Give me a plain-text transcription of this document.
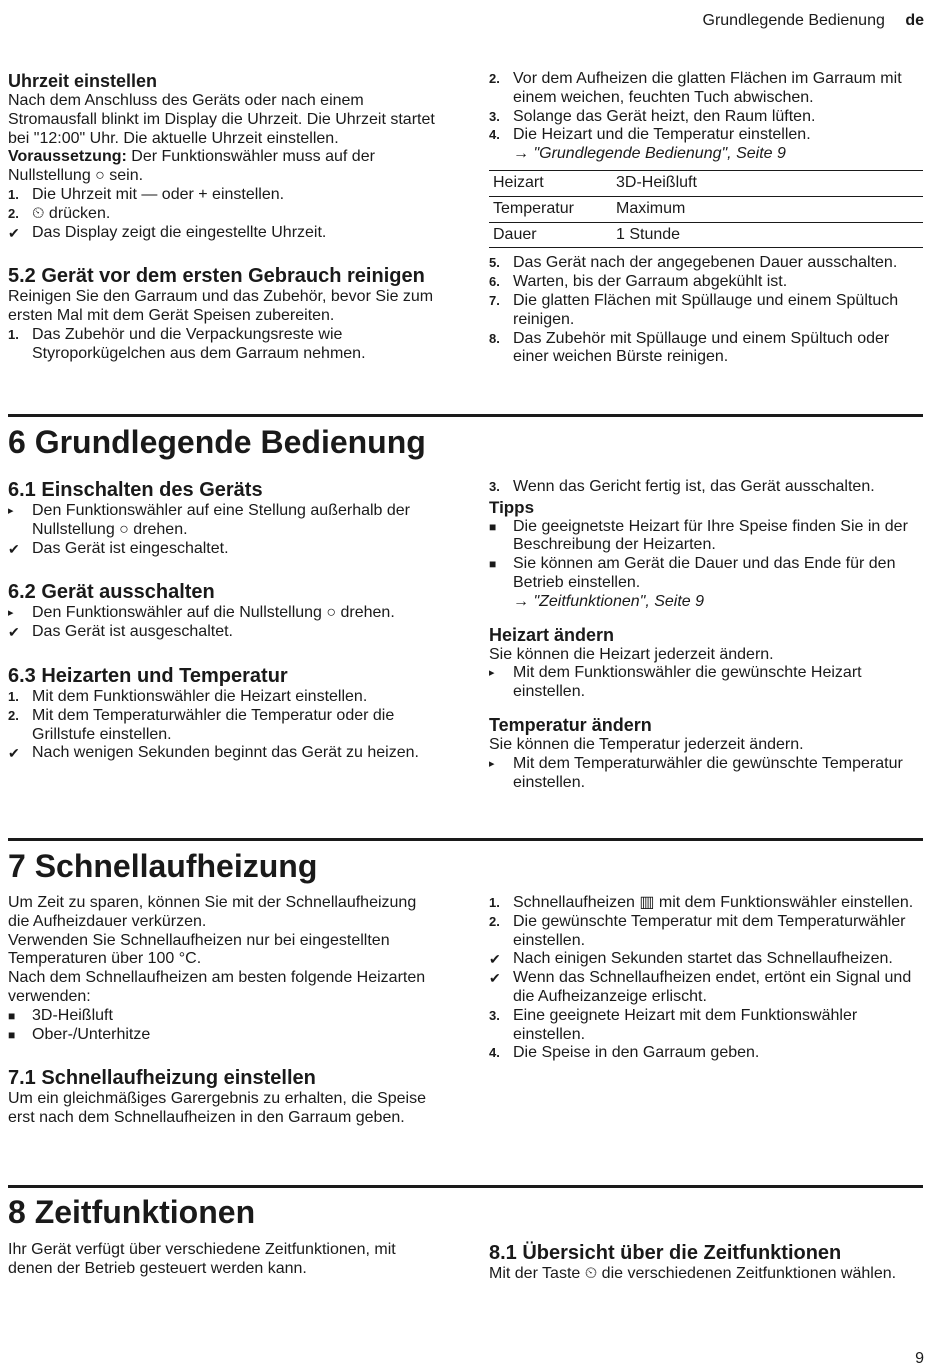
Grundlegende Bedienung de

Uhrzeit einstellen

Nach dem Anschluss des Geräts oder nach einem Stromausfall blinkt im Display die Uhrzeit. Die Uhrzeit startet bei "12:00" Uhr. Die aktuelle Uhrzeit einstellen.

Voraussetzung: Der Funktionswähler muss auf der Nullstellung ○ sein.

1. Die Uhrzeit mit — oder + einstellen.
2. ⏲ drücken.
✔ Das Display zeigt die eingestellte Uhrzeit.

5.2 Gerät vor dem ersten Gebrauch reinigen

Reinigen Sie den Garraum und das Zubehör, bevor Sie zum ersten Mal mit dem Gerät Speisen zubereiten.

1. Das Zubehör und die Verpackungsreste wie Styroporkügelchen aus dem Garraum nehmen.
2. Vor dem Aufheizen die glatten Flächen im Garraum mit einem weichen, feuchten Tuch abwischen.
3. Solange das Gerät heizt, den Raum lüften.
4. Die Heizart und die Temperatur einstellen.

→ "Grundlegende Bedienung", Seite 9

Heizart	3D-Heißluft
Temperatur	Maximum
Dauer	1 Stunde
5. Das Gerät nach der angegebenen Dauer ausschalten.
6. Warten, bis der Garraum abgekühlt ist.
7. Die glatten Flächen mit Spüllauge und einem Spültuch reinigen.
8. Das Zubehör mit Spüllauge und einem Spültuch oder einer weichen Bürste reinigen.
6 Grundlegende Bedienung

6.1 Einschalten des Geräts

▸	Den Funktionswähler auf eine Stellung außerhalb der Nullstellung ○ drehen.
✔ Das Gerät ist eingeschaltet.

6.2 Gerät ausschalten

▸	Den Funktionswähler auf die Nullstellung ○ drehen.
✔ Das Gerät ist ausgeschaltet.

6.3 Heizarten und Temperatur

1. Mit dem Funktionswähler die Heizart einstellen.
2. Mit dem Temperaturwähler die Temperatur oder die Grillstufe einstellen.
✔ Nach wenigen Sekunden beginnt das Gerät zu heizen.
3. Wenn das Gericht fertig ist, das Gerät ausschalten.

Tipps

■	Die geeignetste Heizart für Ihre Speise finden Sie in der Beschreibung der Heizarten.
■	Sie können am Gerät die Dauer und das Ende für den Betrieb einstellen.

→ "Zeitfunktionen", Seite 9

Heizart ändern

Sie können die Heizart jederzeit ändern.

▸	Mit dem Funktionswähler die gewünschte Heizart einstellen.

Temperatur ändern

Sie können die Temperatur jederzeit ändern.

▸	Mit dem Temperaturwähler die gewünschte Temperatur einstellen.
7 Schnellaufheizung

Um Zeit zu sparen, können Sie mit der Schnellaufheizung die Aufheizdauer verkürzen.

Verwenden Sie Schnellaufheizen nur bei eingestellten Temperaturen über 100 °C.

Nach dem Schnellaufheizen am besten folgende Heizarten verwenden:

■	3D-Heißluft
■	Ober-/Unterhitze

7.1 Schnellaufheizung einstellen

Um ein gleichmäßiges Garergebnis zu erhalten, die Speise erst nach dem Schnellaufheizen in den Garraum geben.

1. Schnellaufheizen ▥ mit dem Funktionswähler einstellen.
2. Die gewünschte Temperatur mit dem Temperaturwähler einstellen.
✔ Nach einigen Sekunden startet das Schnellaufheizen.
✔ Wenn das Schnellaufheizen endet, ertönt ein Signal und die Aufheizanzeige erlischt.
3. Eine geeignete Heizart mit dem Funktionswähler einstellen.
4. Die Speise in den Garraum geben.
8 Zeitfunktionen

Ihr Gerät verfügt über verschiedene Zeitfunktionen, mit denen der Betrieb gesteuert werden kann.

8.1 Übersicht über die Zeitfunktionen

Mit der Taste ⏲ die verschiedenen Zeitfunktionen wählen.

9
